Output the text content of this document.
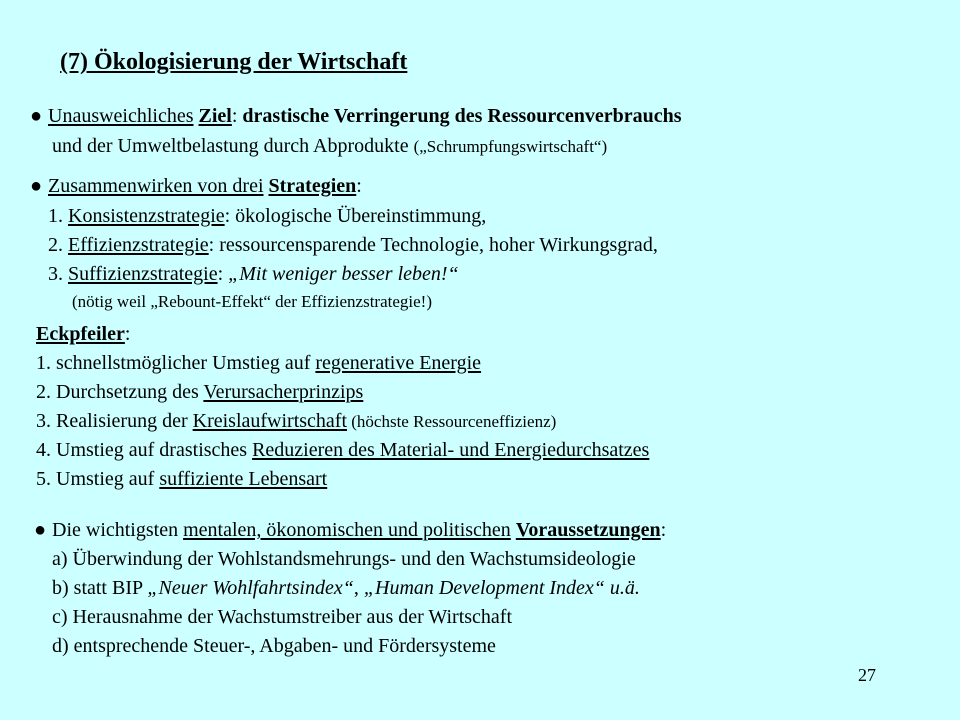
(7) Ökologisierung der Wirtschaft
● Unausweichliches Ziel: drastische Verringerung des Ressourcenverbrauchs
und der Umweltbelastung durch Abprodukte („Schrumpfungswirtschaft“)
● Zusammenwirken von drei Strategien:
1. Konsistenzstrategie: ökologische Übereinstimmung,
2. Effizienzstrategie: ressourcensparende Technologie, hoher Wirkungsgrad,
3. Suffizienzstrategie: „Mit weniger besser leben!“
(nötig weil „Rebount-Effekt“ der Effizienzstrategie!)
Eckpfeiler:
1. schnellstmöglicher Umstieg auf regenerative Energie
2. Durchsetzung des Verursacherprinzips
3. Realisierung der Kreislaufwirtschaft (höchste Ressourceneffizienz)
4. Umstieg auf drastisches Reduzieren des Material- und Energiedurchsatzes
5. Umstieg auf suffiziente Lebensart
● Die wichtigsten mentalen, ökonomischen und politischen Voraussetzungen:
a) Überwindung der Wohlstandsmehrungs- und den Wachstumsideologie
b) statt BIP „Neuer Wohlfahrtsindex“, „Human Development Index“ u.ä.
c) Herausnahme der Wachstumstreiber aus der Wirtschaft
d) entsprechende Steuer-, Abgaben- und Fördersysteme
27
